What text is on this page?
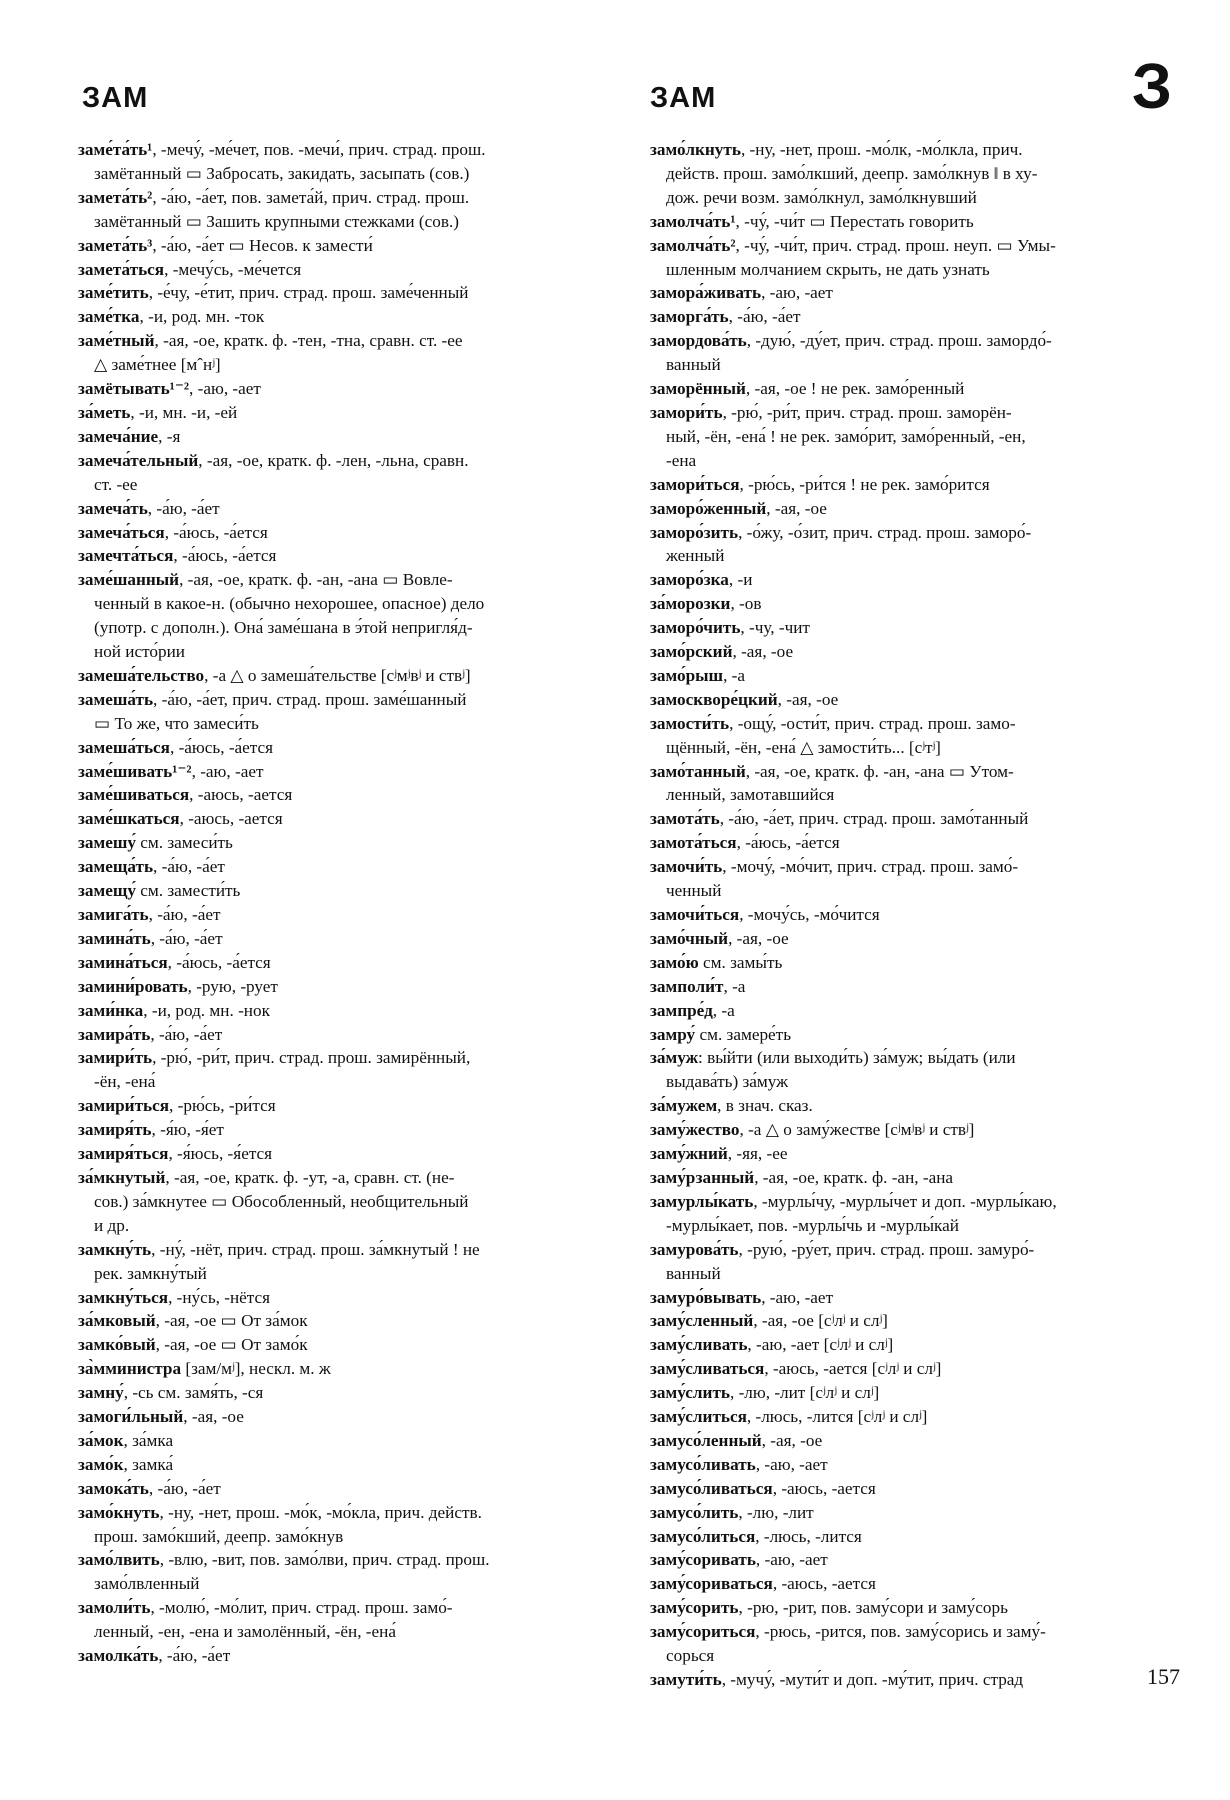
ЗАМ	ЗАМ	З
заме́та́ть¹, -мечу́, -ме́чет, пов. -мечи́, прич. страд. прош.
замётанный ▭ Забросать, закидать, засыпать (сов.)
замета́ть², -а́ю, -а́ет, пов. замета́й, прич. страд. прош.
замётанный ▭ Зашить крупными стежками (сов.)
замета́ть³, -а́ю, -а́ет ▭ Несов. к замести́
замета́ться, -мечу́сь, -ме́чется
заме́тить, -е́чу, -е́тит, прич. страд. прош. заме́ченный
заме́тка, -и, род. мн. -ток
заме́тный, -ая, -ое, кратк. ф. -тен, -тна, сравн. ст. -ее
△ заме́тнее [мˆнʲ]
замётывать¹⁻², -аю, -ает
за́меть, -и, мн. -и, -ей
замеча́ние, -я
замеча́тельный, -ая, -ое, кратк. ф. -лен, -льна, сравн.
ст. -ее
замеча́ть, -а́ю, -а́ет
замеча́ться, -а́юсь, -а́ется
замечта́ться, -а́юсь, -а́ется
заме́шанный, -ая, -ое, кратк. ф. -ан, -ана ▭ Вовле-
ченный в какое-н. (обычно нехорошее, опасное) дело
(употр. с дополн.). Она́ заме́шана в э́той непригля́д-
ной исто́рии
замеша́тельство, -а △ о замеша́тельстве [сʲмʲвʲ и ствʲ]
замеша́ть, -а́ю, -а́ет, прич. страд. прош. заме́шанный
▭ То же, что замеси́ть
замеша́ться, -а́юсь, -а́ется
заме́шивать¹⁻², -аю, -ает
заме́шиваться, -аюсь, -ается
заме́шкаться, -аюсь, -ается
замешу́ см. замеси́ть
замеща́ть, -а́ю, -а́ет
замещу́ см. замести́ть
замига́ть, -а́ю, -а́ет
замина́ть, -а́ю, -а́ет
замина́ться, -а́юсь, -а́ется
замини́ровать, -рую, -рует
зами́нка, -и, род. мн. -нок
замира́ть, -а́ю, -а́ет
замири́ть, -рю́, -ри́т, прич. страд. прош. замирённый,
-ён, -ена́
замири́ться, -рю́сь, -ри́тся
замиря́ть, -я́ю, -я́ет
замиря́ться, -я́юсь, -я́ется
за́мкнутый, -ая, -ое, кратк. ф. -ут, -а, сравн. ст. (не-
сов.) за́мкнутее ▭ Обособленный, необщительный
и др.
замкну́ть, -ну́, -нёт, прич. страд. прош. за́мкнутый ! не
рек. замкну́тый
замкну́ться, -ну́сь, -нётся
за́мковый, -ая, -ое ▭ От за́мок
замко́вый, -ая, -ое ▭ От замо́к
за̀мминистра [зам/мʲ], нескл. м. ж
замну́, -сь см. замя́ть, -ся
замоги́льный, -ая, -ое
за́мок, за́мка
замо́к, замка́
замока́ть, -а́ю, -а́ет
замо́кнуть, -ну, -нет, прош. -мо́к, -мо́кла, прич. действ.
прош. замо́кший, деепр. замо́кнув
замо́лвить, -влю, -вит, пов. замо́лви, прич. страд. прош.
замо́лвленный
замоли́ть, -молю́, -мо́лит, прич. страд. прош. замо́-
ленный, -ен, -ена и замолённый, -ён, -ена́
замолка́ть, -а́ю, -а́ет
замо́лкнуть, -ну, -нет, прош. -мо́лк, -мо́лкла, прич.
действ. прош. замо́лкший, деепр. замо́лкнув ‖ в ху-
дож. речи возм. замо́лкнул, замо́лкнувший
замолча́ть¹, -чу́, -чи́т ▭ Перестать говорить
замолча́ть², -чу́, -чи́т, прич. страд. прош. неуп. ▭ Умы-
шленным молчанием скрыть, не дать узнать
замора́живать, -аю, -ает
заморга́ть, -а́ю, -а́ет
замордова́ть, -дую́, -ду́ет, прич. страд. прош. замордо́-
ванный
заморённый, -ая, -ое ! не рек. замо́ренный
замори́ть, -рю́, -ри́т, прич. страд. прош. заморён-
ный, -ён, -ена́ ! не рек. замо́рит, замо́ренный, -ен,
-ена
замори́ться, -рю́сь, -ри́тся ! не рек. замо́рится
заморо́женный, -ая, -ое
заморо́зить, -о́жу, -о́зит, прич. страд. прош. заморо́-
женный
заморо́зка, -и
за́морозки, -ов
заморо́чить, -чу, -чит
замо́рский, -ая, -ое
замо́рыш, -а
замоскворе́цкий, -ая, -ое
замости́ть, -ощу́, -ости́т, прич. страд. прош. замо-
щённый, -ён, -ена́ △ замости́ть... [сʲтʲ]
замо́танный, -ая, -ое, кратк. ф. -ан, -ана ▭ Утом-
ленный, замотавшийся
замота́ть, -а́ю, -а́ет, прич. страд. прош. замо́танный
замота́ться, -а́юсь, -а́ется
замочи́ть, -мочу́, -мо́чит, прич. страд. прош. замо́-
ченный
замочи́ться, -мочу́сь, -мо́чится
замо́чный, -ая, -ое
замо́ю см. замы́ть
замполи́т, -а
зампре́д, -а
замру́ см. замере́ть
за́муж: вы́йти (или выходи́ть) за́муж; вы́дать (или
выдава́ть) за́муж
за́мужем, в знач. сказ.
заму́жество, -а △ о заму́жестве [сʲмʲвʲ и ствʲ]
заму́жний, -яя, -ее
заму́рзанный, -ая, -ое, кратк. ф. -ан, -ана
замурлы́кать, -мурлы́чу, -мурлы́чет и доп. -мурлы́каю,
-мурлы́кает, пов. -мурлы́чь и -мурлы́кай
замурова́ть, -рую́, -ру́ет, прич. страд. прош. замуро́-
ванный
замуро́вывать, -аю, -ает
заму́сленный, -ая, -ое [сʲлʲ и слʲ]
заму́сливать, -аю, -ает [сʲлʲ и слʲ]
заму́сливаться, -аюсь, -ается [сʲлʲ и слʲ]
заму́слить, -лю, -лит [сʲлʲ и слʲ]
заму́слиться, -люсь, -лится [сʲлʲ и слʲ]
замусо́ленный, -ая, -ое
замусо́ливать, -аю, -ает
замусо́ливаться, -аюсь, -ается
замусо́лить, -лю, -лит
замусо́литься, -люсь, -лится
заму́соривать, -аю, -ает
заму́сориваться, -аюсь, -ается
заму́сорить, -рю, -рит, пов. заму́сори и заму́сорь
заму́сориться, -рюсь, -рится, пов. заму́сорись и заму́-
сорься
замути́ть, -мучу́, -мути́т и доп. -му́тит, прич. страд	157
